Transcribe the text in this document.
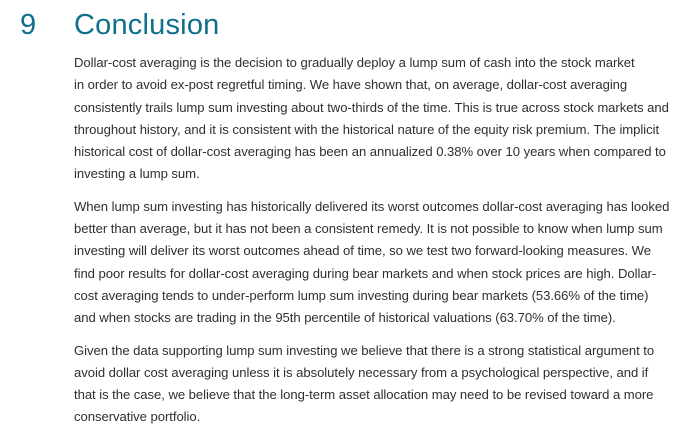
9 Conclusion

Dollar-cost averaging is the decision to gradually deploy a lump sum of cash into the stock market
in order to avoid ex-post regretful timing. We have shown that, on average, dollar-cost averaging
consistently trails lump sum investing about two-thirds of the time. This is true across stock markets and
throughout history, and it is consistent with the historical nature of the equity risk premium. The implicit
historical cost of dollar-cost averaging has been an annualized 0.38% over 10 years when compared to
investing a lump sum.

When lump sum investing has historically delivered its worst outcomes dollar-cost averaging has looked
better than average, but it has not been a consistent remedy. It is not possible to know when lump sum
investing will deliver its worst outcomes ahead of time, so we test two forward-looking measures. We
find poor results for dollar-cost averaging during bear markets and when stock prices are high. Dollar-
cost averaging tends to under-perform lump sum investing during bear markets (53.66% of the time)
and when stocks are trading in the 95th percentile of historical valuations (63.70% of the time).

Given the data supporting lump sum investing we believe that there is a strong statistical argument to
avoid dollar cost averaging unless it is absolutely necessary from a psychological perspective, and if
that is the case, we believe that the long-term asset allocation may need to be revised toward a more
conservative portfolio.
